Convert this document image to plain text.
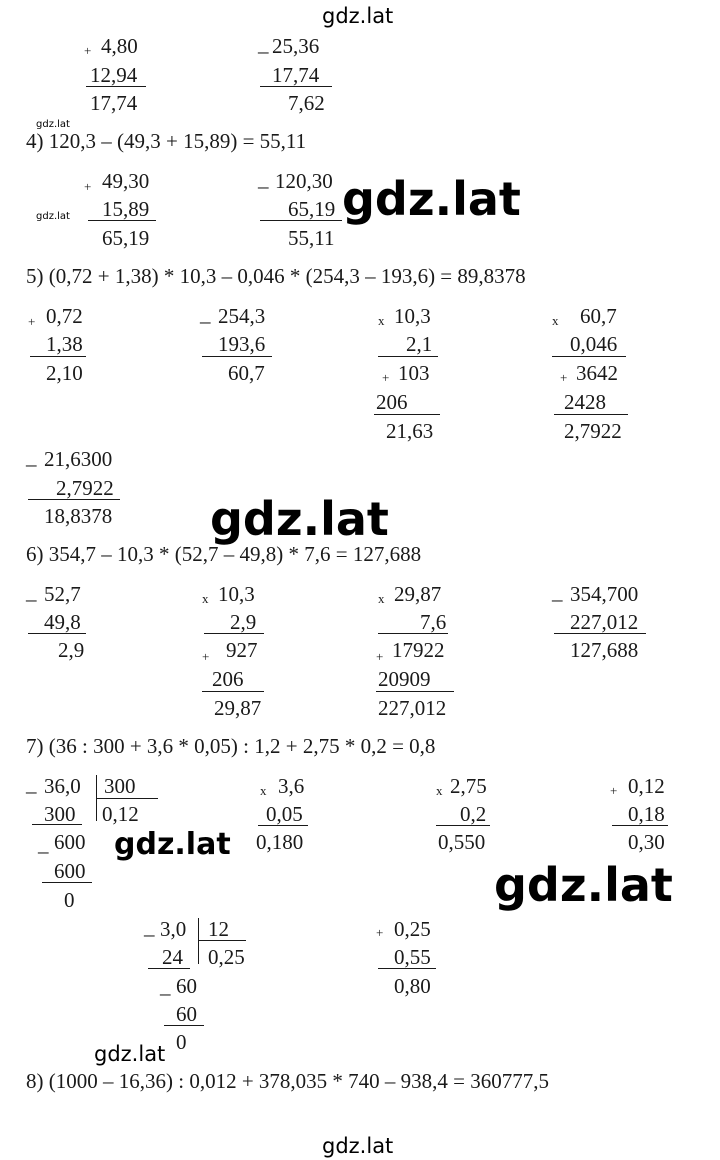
gdz.lat
gdz.lat
gdz.lat
gdz.lat
gdz.lat
gdz.lat
gdz.lat
gdz.lat
gdz.lat
+ 4,80
12,94
17,74
_ 25,36
17,74
7,62
4) 120,3 – (49,3 + 15,89) = 55,11
+ 49,30
15,89
65,19
_ 120,30
65,19
55,11
5) (0,72 + 1,38) * 10,3 – 0,046 * (254,3 – 193,6) = 89,8378
+ 0,72
1,38
2,10
_ 254,3
193,6
60,7
x 10,3
2,1
+ 103
206
21,63
x 60,7
0,046
+ 3642
2428
2,7922
_ 21,6300
2,7922
18,8378
6) 354,7 – 10,3 * (52,7 – 49,8) * 7,6 = 127,688
_ 52,7
49,8
2,9
x 10,3
2,9
+ 927
206
29,87
x 29,87
7,6
+ 17922
20909
227,012
_ 354,700
227,012
127,688
7) (36 : 300 + 3,6 * 0,05) : 1,2 + 2,75 * 0,2 = 0,8
_ 36,0 300
0,12
300
_ 600
600
0
x 3,6
0,05
0,180
x 2,75
0,2
0,550
+ 0,12
0,18
0,30
_ 3,0 12
0,25
24
_ 60
60
0
+ 0,25
0,55
0,80
8) (1000 – 16,36) : 0,012 + 378,035 * 740 – 938,4 = 360777,5
